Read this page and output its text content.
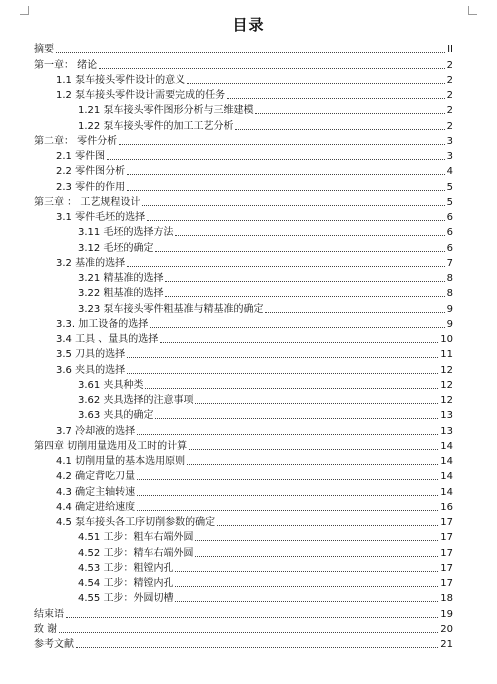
目录
摘要	II
第一章： 绪论	2
1.1 泵车接头零件设计的意义	2
1.2 泵车接头零件设计需要完成的任务	2
1.21 泵车接头零件图形分析与三维建模	2
1.22 泵车接头零件的加工工艺分析	2
第二章： 零件分析	3
2.1 零件图	3
2.2 零件图分析	4
2.3 零件的作用	5
第三章 ： 工艺规程设计	5
3.1 零件毛坯的选择	6
3.11 毛坯的选择方法	6
3.12 毛坯的确定	6
3.2 基准的选择	7
3.21 精基准的选择	8
3.22 粗基准的选择	8
3.23 泵车接头零件粗基准与精基准的确定	9
3.3. 加工设备的选择	9
3.4 工具 、量具的选择	10
3.5 刀具的选择	11
3.6 夹具的选择	12
3.61 夹具种类	12
3.62 夹具选择的注意事项	12
3.63 夹具的确定	13
3.7 冷却液的选择	13
第四章 切削用量选用及工时的计算	14
4.1 切削用量的基本选用原则	14
4.2 确定背吃刀量	14
4.3 确定主轴转速	14
4.4 确定进给速度	16
4.5 泵车接头各工序切削参数的确定	17
4.51 工步：粗车右端外圆	17
4.52 工步：精车右端外圆	17
4.53 工步：粗镗内孔	17
4.54 工步：精镗内孔	17
4.55 工步：外圆切槽	18
结束语	19
致 谢	20
参考文献	21
